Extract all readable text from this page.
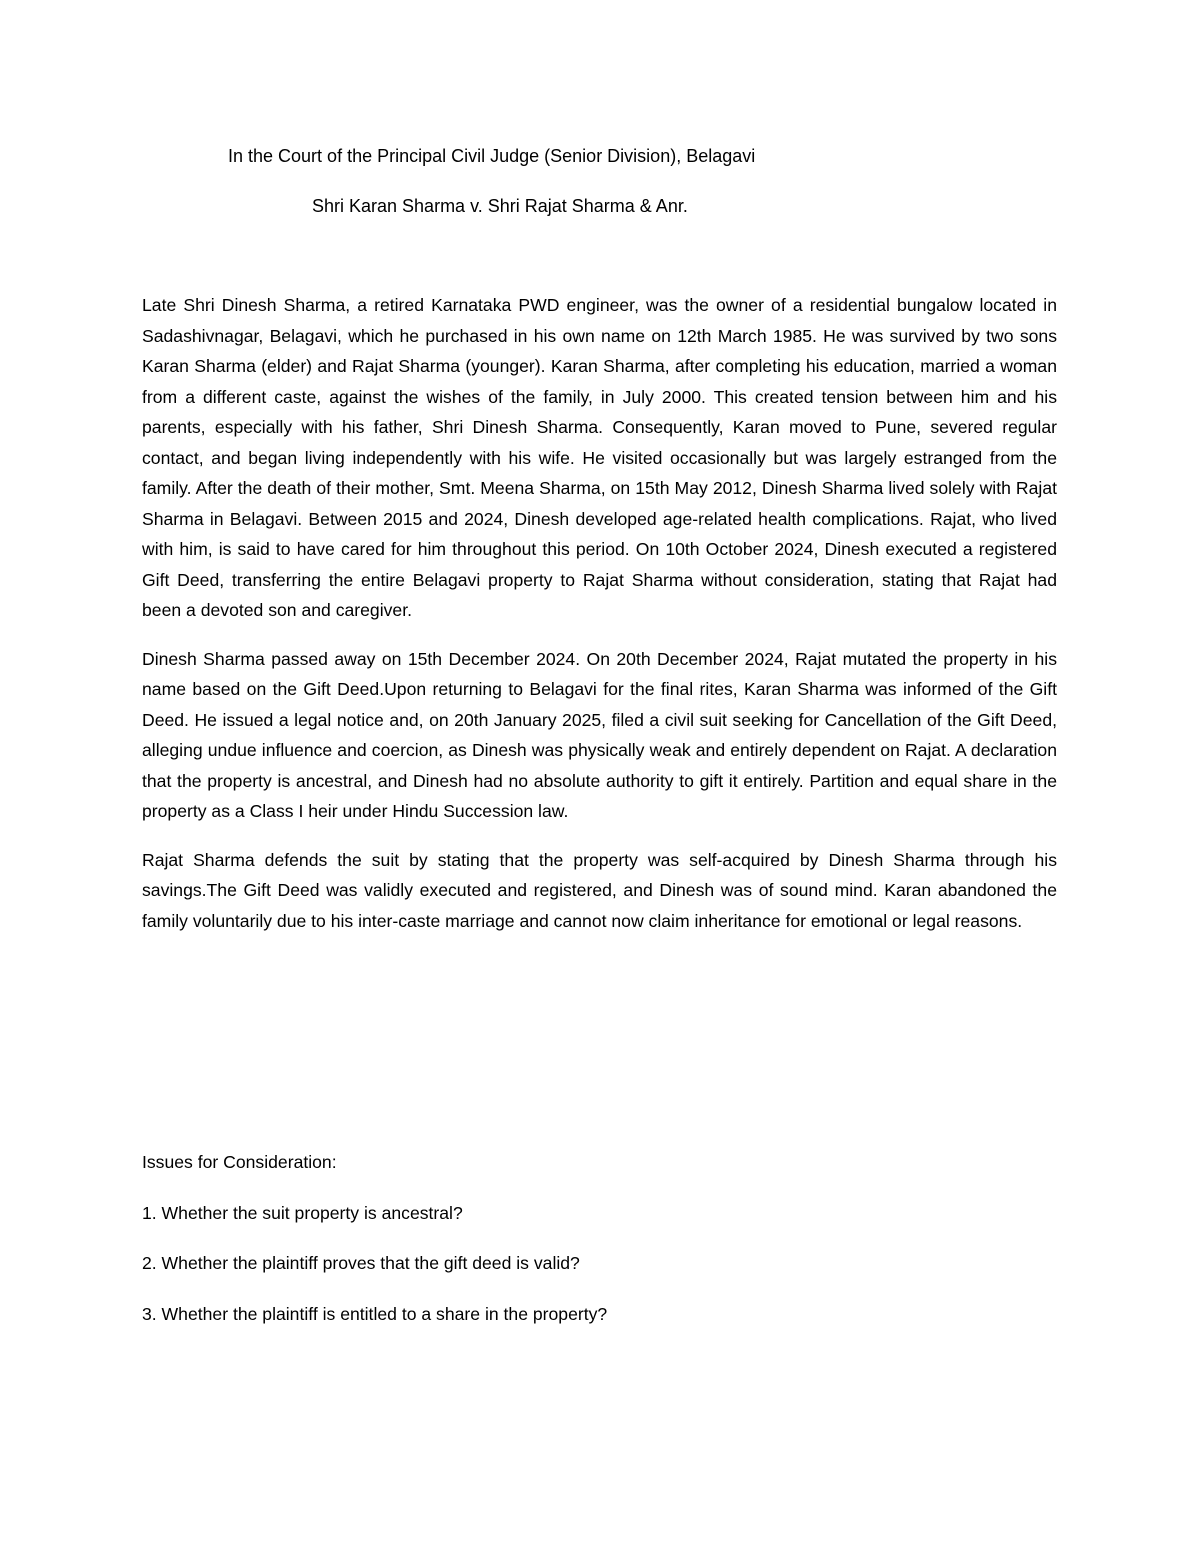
In the Court of the Principal Civil Judge (Senior Division), Belagavi
Shri Karan Sharma v. Shri Rajat Sharma & Anr.

Late Shri Dinesh Sharma, a retired Karnataka PWD engineer, was the owner of a residential bungalow located in Sadashivnagar, Belagavi, which he purchased in his own name on 12th March 1985. He was survived by two sons Karan Sharma (elder) and Rajat Sharma (younger). Karan Sharma, after completing his education, married a woman from a different caste, against the wishes of the family, in July 2000. This created tension between him and his parents, especially with his father, Shri Dinesh Sharma. Consequently, Karan moved to Pune, severed regular contact, and began living independently with his wife. He visited occasionally but was largely estranged from the family. After the death of their mother, Smt. Meena Sharma, on 15th May 2012, Dinesh Sharma lived solely with Rajat Sharma in Belagavi. Between 2015 and 2024, Dinesh developed age-related health complications. Rajat, who lived with him, is said to have cared for him throughout this period. On 10th October 2024, Dinesh executed a registered Gift Deed, transferring the entire Belagavi property to Rajat Sharma without consideration, stating that Rajat had been a devoted son and caregiver.

Dinesh Sharma passed away on 15th December 2024. On 20th December 2024, Rajat mutated the property in his name based on the Gift Deed.Upon returning to Belagavi for the final rites, Karan Sharma was informed of the Gift Deed. He issued a legal notice and, on 20th January 2025, filed a civil suit seeking for Cancellation of the Gift Deed, alleging undue influence and coercion, as Dinesh was physically weak and entirely dependent on Rajat. A declaration that the property is ancestral, and Dinesh had no absolute authority to gift it entirely. Partition and equal share in the property as a Class I heir under Hindu Succession law.

Rajat Sharma defends the suit by stating that the property was self-acquired by Dinesh Sharma through his savings.The Gift Deed was validly executed and registered, and Dinesh was of sound mind. Karan abandoned the family voluntarily due to his inter-caste marriage and cannot now claim inheritance for emotional or legal reasons.

Issues for Consideration:

1. Whether the suit property is ancestral?

2. Whether the plaintiff proves that the gift deed is valid?

3. Whether the plaintiff is entitled to a share in the property?
